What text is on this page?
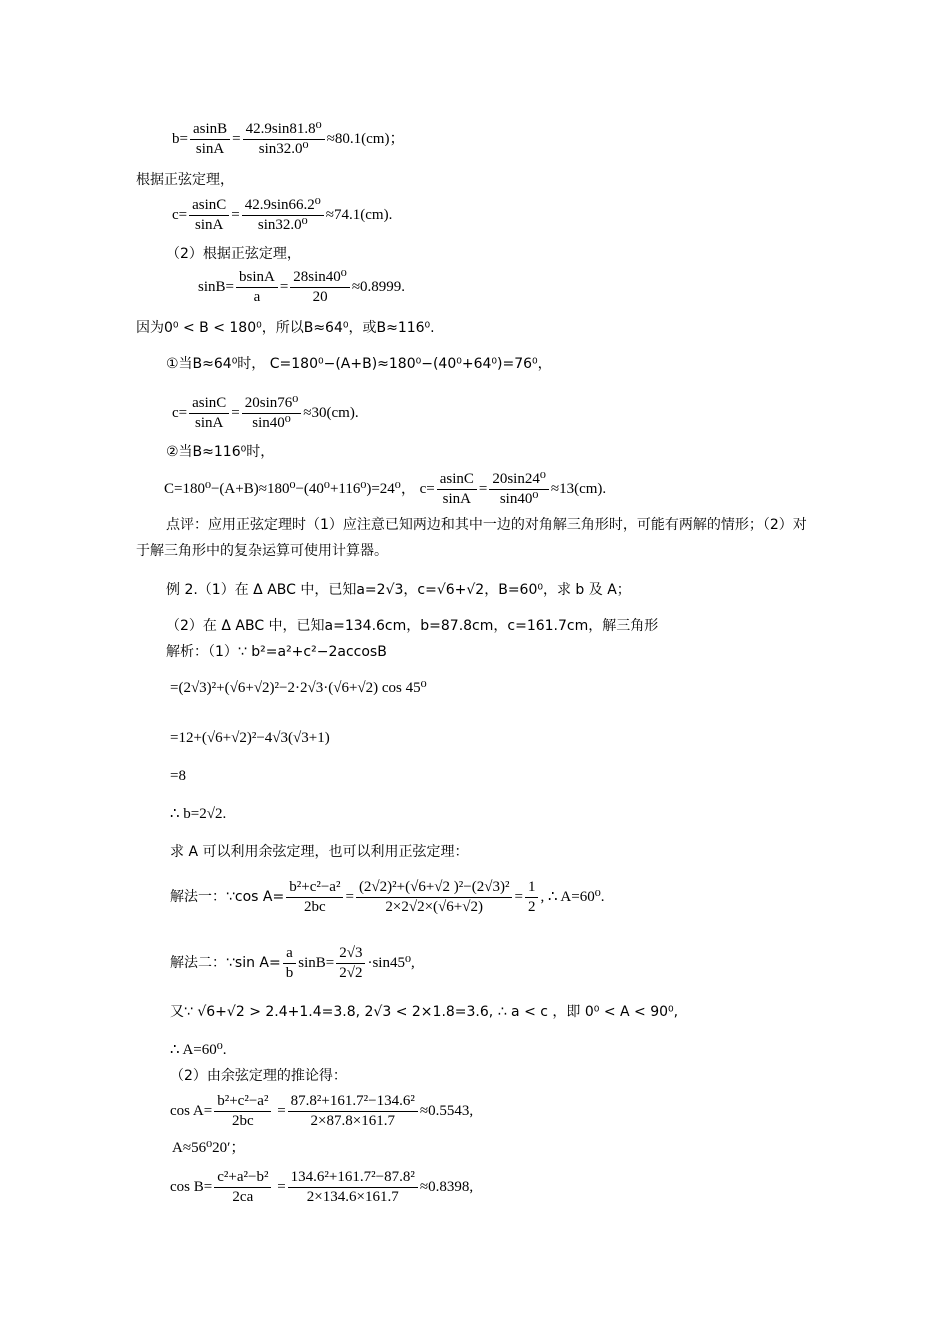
$b= \frac{asinB}{\sin A} = \frac{\text{42.9sin81.8⁰}}{\text{sin32.0⁰}} \approx 80.1(cm)$；
根据正弦定理，
$c= \frac{asinC}{\sin A} = \frac{\text{42.9sin66.2⁰}}{\text{sin32.0⁰}} \approx 74.1(cm)$.
（2）根据正弦定理，
$\sin B= \frac{bsinA}{a} = \frac{\text{28sin40⁰}}{20} \approx 0.8999$.
因为0⁰ < B < 180⁰，所以B≈64⁰，或B≈116⁰.
①当B≈64⁰时， C=180⁰−(A+B)≈180⁰−(40⁰+64⁰)=76⁰，
$c= \frac{asinC}{\sin A} = \frac{\text{20sin76⁰}}{\text{sin40⁰}} \approx 30(cm)$.
②当B≈116⁰时，
C=180⁰−(A+B)≈180⁰−(40⁰+116⁰)=24⁰， $c= \frac{asinC}{\sin A} = \frac{\text{20sin24⁰}}{\text{sin40⁰}} \approx 13(cm)$.
点评：应用正弦定理时（1）应注意已知两边和其中一边的对角解三角形时，可能有两解的情形；（2）对于解三角形中的复杂运算可使用计算器。
例 2.（1）在 Δ ABC 中，已知a=2√3，c=√6+√2，B=60⁰，求 b 及 A；
（2）在 Δ ABC 中，已知a=134.6cm，b=87.8cm，c=161.7cm，解三角形
解析：（1）∵ b²=a²+c²−2accosB
=(2√3)²+(√6+√2)²−2·2√3·(√6+√2) cos 45⁰
=12+(√6+√2)²−4√3(√3+1)
=8
∴ b=2√2.
求 A 可以利用余弦定理，也可以利用正弦定理：
解法一：∵cos $A= \frac{\text{b²+c²−a²}}{2bc} = \frac{\text{(2√2)²+(√6+√2 )²−(2√3)²}}{2\times 2√2\times(√6+√2)} = \frac{1}{2}$ , ∴ A=60⁰.
解法二：∵sin $A= \frac{a}{b} \sin B= \frac{2√3}{2√2} \cdot\sin 45^0$,
又∵ √6+√2 > 2.4+1.4=3.8, 2√3 < 2×1.8=3.6, ∴ a < c ，即 0⁰ < A < 90⁰,
∴ A=60⁰.
（2）由余弦定理的推论得：
$\cos A= \frac{\text{b²+c²−a²}}{2bc} = \frac{\text{87.8²+161.7²−134.6²}}{2\times 87.8\times 161.7} \approx 0.5543$,
A≈56⁰20′；
$\cos B= \frac{\text{c²+a²−b²}}{2ca} = \frac{\text{134.6²+161.7²−87.8²}}{2\times 134.6\times 161.7} \approx 0.8398$,
